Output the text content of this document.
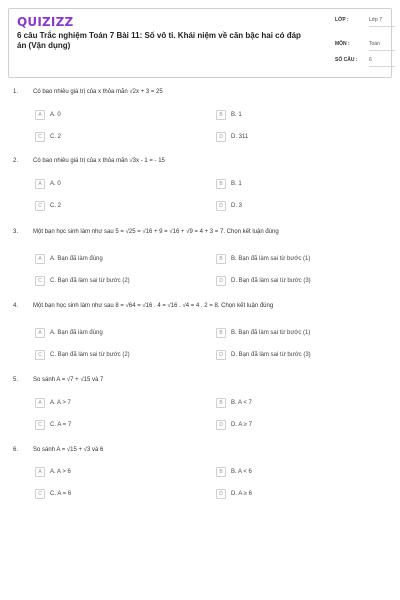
QUIZIZZ
6 câu Trắc nghiệm Toán 7 Bài 11: Số vô tỉ. Khái niệm về căn bậc hai có đáp án (Vận dụng)
LỚP :	Lớp 7
MÔN :	Toán
SỐ CÂU : 6
1. Có bao nhiêu giá trị của x thỏa mãn √2x + 3 = 25
A	A. 0	B	B. 1
C	C. 2	D	D. 311
2. Có bao nhiêu giá trị của x thỏa mãn √3x - 1 = - 15
A	A. 0	B	B. 1
C	C. 2	D	D. 3
3. Một bạn học sinh làm như sau 5 = √25 = √16 + 9 = √16 + √9 = 4 + 3 = 7. Chọn kết luận đúng
A	A. Bạn đã làm đúng	B	B. Bạn đã làm sai từ bước (1)
C	C. Bạn đã làm sai từ bước (2)	D	D. Bạn đã làm sai từ bước (3)
4. Một bạn học sinh làm như sau 8 = √64 = √16 . 4 = √16 . √4 = 4 . 2 = 8. Chọn kết luận đúng
A	A. Bạn đã làm đúng	B	B. Bạn đã làm sai từ bước (1)
C	C. Bạn đã làm sai từ bước (2)	D	D. Bạn đã làm sai từ bước (3)
5. So sánh A = √7 + √15 và 7
A	A. A > 7	B	B. A < 7
C	C. A = 7	D	D. A ≥ 7
6. So sánh A = √15 + √3 và 6
A	A. A > 6	B	B. A < 6
C	C. A = 6	D	D. A ≥ 6
